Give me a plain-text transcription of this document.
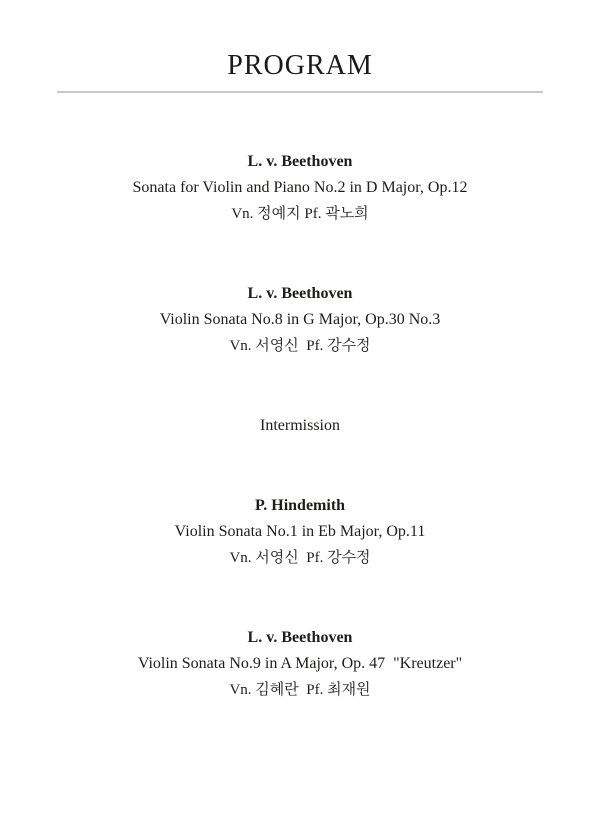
PROGRAM

L. v. Beethoven

Sonata for Violin and Piano No.2 in D Major, Op.12

Vn. 정예지 Pf. 곽노희

L. v. Beethoven

Violin Sonata No.8 in G Major, Op.30 No.3

Vn. 서영신  Pf. 강수정

Intermission

P. Hindemith

Violin Sonata No.1 in Eb Major, Op.11

Vn. 서영신  Pf. 강수정

L. v. Beethoven

Violin Sonata No.9 in A Major, Op. 47  "Kreutzer"

Vn. 김혜란  Pf. 최재원
